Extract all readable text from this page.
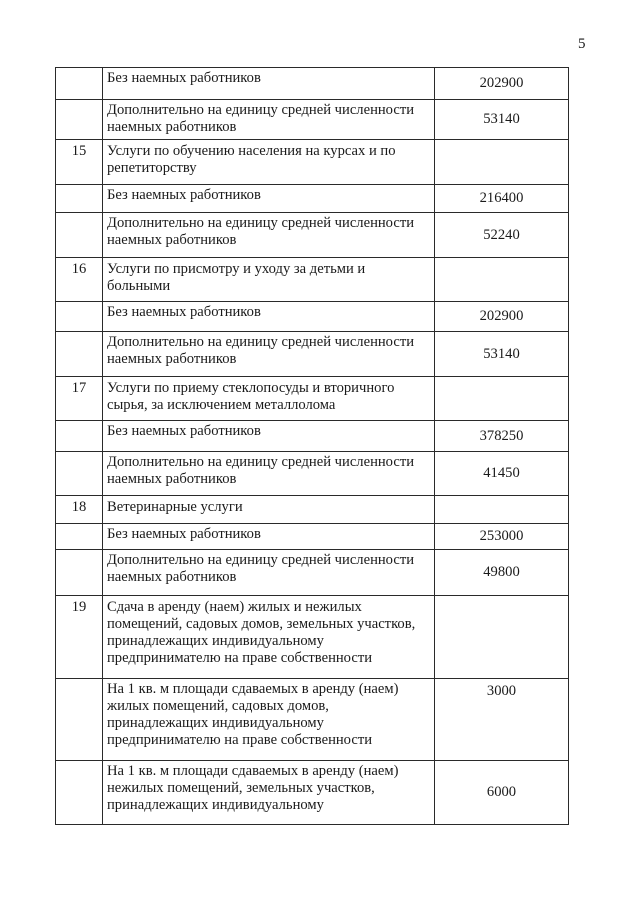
5
	Без наемных работников	202900
	Дополнительно на единицу средней численности наемных работников	53140
15	Услуги по обучению населения на курсах и по репетиторству	
	Без наемных работников	216400
	Дополнительно на единицу средней численности наемных работников	52240
16	Услуги по присмотру и уходу за детьми и больными	
	Без наемных работников	202900
	Дополнительно на единицу средней численности наемных работников	53140
17	Услуги по приему стеклопосуды и вторичного сырья, за исключением металлолома	
	Без наемных работников	378250
	Дополнительно на единицу средней численности наемных работников	41450
18	Ветеринарные услуги	
	Без наемных работников	253000
	Дополнительно на единицу средней численности наемных работников	49800
19	Сдача в аренду (наем) жилых и нежилых помещений, садовых домов, земельных участков, принадлежащих индивидуальному предпринимателю на праве собственности	
	На 1 кв. м площади сдаваемых в аренду (наем) жилых помещений, садовых домов, принадлежащих индивидуальному предпринимателю на праве собственности	3000
	На 1 кв. м площади сдаваемых в аренду (наем) нежилых помещений, земельных участков, принадлежащих индивидуальному	6000
